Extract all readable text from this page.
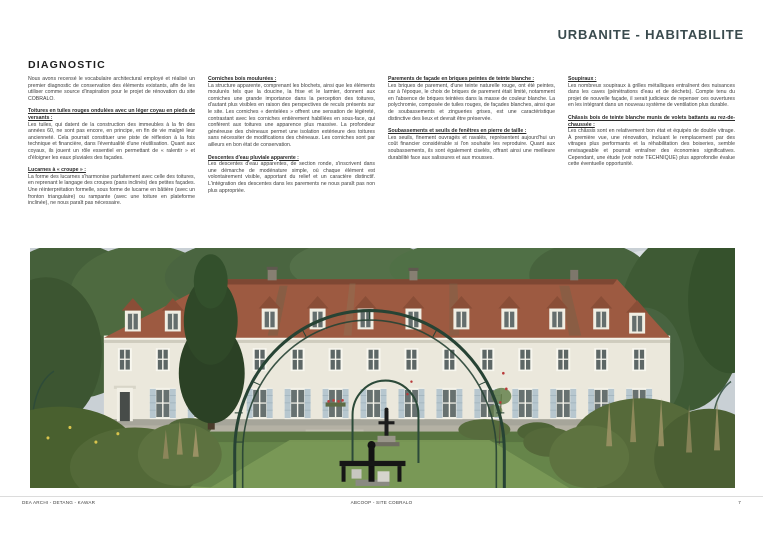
URBANITE - HABITABILITE
DIAGNOSTIC

Nous avons recensé le vocabulaire architectural employé et réalisé un premier diagnostic de conservation des éléments existants, afin de les utiliser comme source d'inspiration pour le projet de rénovation du site COBRALO.

Toitures en tuiles rouges ondulées avec un léger coyau en pieds de versants :

Les tuiles, qui datent de la construction des immeubles à la fin des années 60, ne sont pas encore, en principe, en fin de vie malgré leur ancienneté. Cela pourrait constituer une piste de réflexion à la fois technique et financière, dans l'éventualité d'une réutilisation. Quant aux coyaux, ils jouent un rôle essentiel en permettant de « ralentir » et d'éloigner les eaux pluviales des façades.

Lucarnes à « croupe » :

La forme des lucarnes s'harmonise parfaitement avec celle des toitures, en reprenant le langage des croupes (pans inclinés) des petites façades. Une réinterprétation formelle, sous forme de lucarne en bâtière (avec un fronton triangulaire) ou rampante (avec une toiture en plateforme inclinée), ne nous paraît pas nécessaire.

Corniches bois moulurées :

La structure apparente, comprenant les blochets, ainsi que les éléments moulurés tels que la doucine, la frise et le larmier, donnent aux corniches une grande importance dans la perception des toitures, d'autant plus visibles en raison des perspectives de reculs présents sur le site. Les corniches « dentelées » offrent une sensation de légèreté, contrastant avec les corniches entièrement habillées en sous-face, qui confèrent aux toitures une apparence plus massive. La profondeur généreuse des chéneaux permet une isolation extérieure des toitures sans nécessiter de modifications des chéneaux. Les corniches sont par ailleurs en bon état de conservation.

Descentes d'eau pluviale apparente :

Les descentes d'eau apparentes, de section ronde, s'inscrivent dans une démarche de modénature simple, où chaque élément est volontairement visible, apportant du relief et un caractère distinctif. L'intégration des descentes dans les parements ne nous paraît pas non plus appropriée.

Parements de façade en briques peintes de teinte blanche :

Les briques de parement, d'une teinte naturelle rouge, ont été peintes, car à l'époque, le choix de briques de parement était limité, notamment en l'absence de briques teintées dans la masse de couleur blanche. La polychromie, composée de tuiles rouges, de façades blanches, ainsi que de soubassements et zingueries grises, est une caractéristique distinctive des lieux et devrait être préservée.

Soubassements et seuils de fenêtres en pierre de taille :

Les seuils, finement ouvragés et ravalés, représentent aujourd'hui un coût financier considérable si l'on souhaite les reproduire. Quant aux soubassements, ils sont également ciselés, offrant ainsi une meilleure durabilité face aux salissures et aux mousses.

Soupiraux :

Les nombreux soupiraux à grilles métalliques entraînent des nuisances dans les caves (pénétrations d'eau et de déchets). Compte tenu du projet de nouvelle façade, il serait judicieux de repenser ces ouvertures en les intégrant dans un nouveau système de ventilation plus durable.

Châssis bois de teinte blanche munis de volets battants au rez-de-chaussée :

Les châssis sont en relativement bon état et équipés de double vitrage. À première vue, une rénovation, incluant le remplacement par des vitrages plus performants et la réhabilitation des boiseries, semble envisageable et pourrait entraîner des économies significatives. Cependant, une étude (voir note TECHNIQUE) plus approfondie évalue cette éventuelle opportunité.

DEA ARCHI - DETANG - KAWAR	ABCOOP - SITE COBRALO	7
